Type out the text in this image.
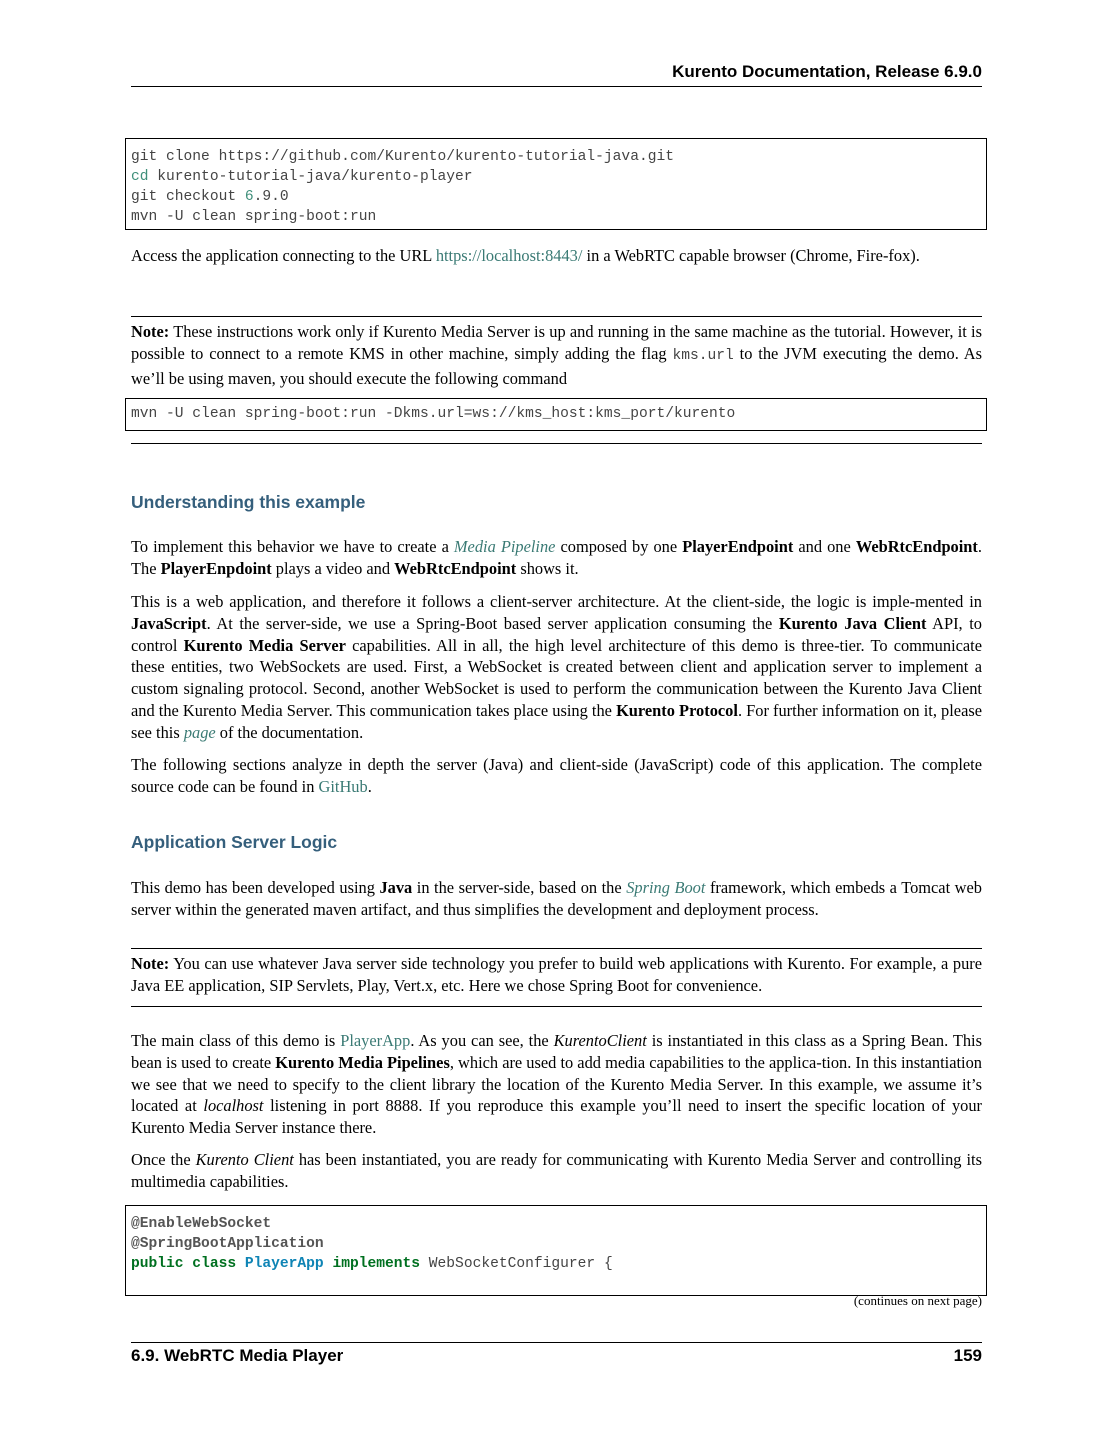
Kurento Documentation, Release 6.9.0
git clone https://github.com/Kurento/kurento-tutorial-java.git
cd kurento-tutorial-java/kurento-player
git checkout 6.9.0
mvn -U clean spring-boot:run
Access the application connecting to the URL https://localhost:8443/ in a WebRTC capable browser (Chrome, Fire-fox).
Note: These instructions work only if Kurento Media Server is up and running in the same machine as the tutorial. However, it is possible to connect to a remote KMS in other machine, simply adding the flag kms.url to the JVM executing the demo. As we’ll be using maven, you should execute the following command
mvn -U clean spring-boot:run -Dkms.url=ws://kms_host:kms_port/kurento
Understanding this example
To implement this behavior we have to create a Media Pipeline composed by one PlayerEndpoint and one WebRtcEndpoint. The PlayerEnpdoint plays a video and WebRtcEndpoint shows it.
This is a web application, and therefore it follows a client-server architecture. At the client-side, the logic is imple-mented in JavaScript. At the server-side, we use a Spring-Boot based server application consuming the Kurento Java Client API, to control Kurento Media Server capabilities. All in all, the high level architecture of this demo is three-tier. To communicate these entities, two WebSockets are used. First, a WebSocket is created between client and application server to implement a custom signaling protocol. Second, another WebSocket is used to perform the communication between the Kurento Java Client and the Kurento Media Server. This communication takes place using the Kurento Protocol. For further information on it, please see this page of the documentation.
The following sections analyze in depth the server (Java) and client-side (JavaScript) code of this application. The complete source code can be found in GitHub.
Application Server Logic
This demo has been developed using Java in the server-side, based on the Spring Boot framework, which embeds a Tomcat web server within the generated maven artifact, and thus simplifies the development and deployment process.
Note: You can use whatever Java server side technology you prefer to build web applications with Kurento. For example, a pure Java EE application, SIP Servlets, Play, Vert.x, etc. Here we chose Spring Boot for convenience.
The main class of this demo is PlayerApp. As you can see, the KurentoClient is instantiated in this class as a Spring Bean. This bean is used to create Kurento Media Pipelines, which are used to add media capabilities to the applica-tion. In this instantiation we see that we need to specify to the client library the location of the Kurento Media Server. In this example, we assume it’s located at localhost listening in port 8888. If you reproduce this example you’ll need to insert the specific location of your Kurento Media Server instance there.
Once the Kurento Client has been instantiated, you are ready for communicating with Kurento Media Server and controlling its multimedia capabilities.
@EnableWebSocket
@SpringBootApplication
public class PlayerApp implements WebSocketConfigurer {
(continues on next page)
6.9. WebRTC Media Player	159
